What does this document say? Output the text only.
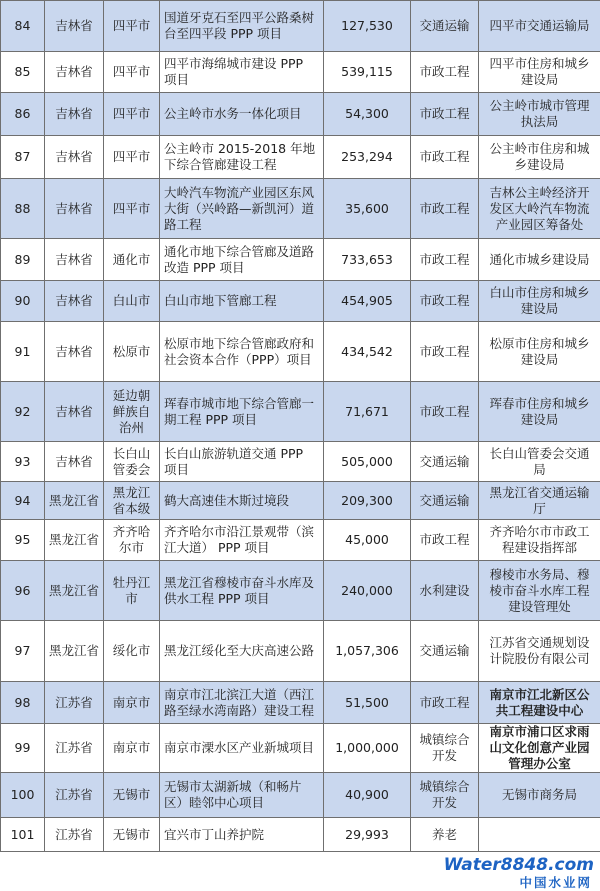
84	吉林省	四平市	国道牙克石至四平公路桑树台至四平段 PPP 项目	127,530	交通运输	四平市交通运输局
85	吉林省	四平市	四平市海绵城市建设 PPP 项目	539,115	市政工程	四平市住房和城乡建设局
86	吉林省	四平市	公主岭市水务一体化项目	54,300	市政工程	公主岭市城市管理执法局
87	吉林省	四平市	公主岭市 2015-2018 年地下综合管廊建设工程	253,294	市政工程	公主岭市住房和城乡建设局
88	吉林省	四平市	大岭汽车物流产业园区东风大街（兴岭路—新凯河）道路工程	35,600	市政工程	吉林公主岭经济开发区大岭汽车物流产业园区筹备处
89	吉林省	通化市	通化市地下综合管廊及道路改造 PPP 项目	733,653	市政工程	通化市城乡建设局
90	吉林省	白山市	白山市地下管廊工程	454,905	市政工程	白山市住房和城乡建设局
91	吉林省	松原市	松原市地下综合管廊政府和社会资本合作（PPP）项目	434,542	市政工程	松原市住房和城乡建设局
92	吉林省	延边朝鲜族自治州	珲春市城市地下综合管廊一期工程 PPP 项目	71,671	市政工程	珲春市住房和城乡建设局
93	吉林省	长白山管委会	长白山旅游轨道交通 PPP 项目	505,000	交通运输	长白山管委会交通局
94	黑龙江省	黑龙江省本级	鹤大高速佳木斯过境段	209,300	交通运输	黑龙江省交通运输厅
95	黑龙江省	齐齐哈尔市	齐齐哈尔市沿江景观带（滨江大道） PPP 项目	45,000	市政工程	齐齐哈尔市市政工程建设指挥部
96	黑龙江省	牡丹江市	黑龙江省穆棱市奋斗水库及供水工程 PPP 项目	240,000	水利建设	穆棱市水务局、穆棱市奋斗水库工程建设管理处
97	黑龙江省	绥化市	黑龙江绥化至大庆高速公路	1,057,306	交通运输	江苏省交通规划设计院股份有限公司
98	江苏省	南京市	南京市江北滨江大道（西江路至绿水湾南路）建设工程	51,500	市政工程	南京市江北新区公共工程建设中心
99	江苏省	南京市	南京市溧水区产业新城项目	1,000,000	城镇综合开发	南京市浦口区求雨山文化创意产业园管理办公室
100	江苏省	无锡市	无锡市太湖新城（和畅片区）睦邻中心项目	40,900	城镇综合开发	无锡市商务局
101	江苏省	无锡市	宜兴市丁山养护院	29,993	养老	
Water8848.com
中国水业网
